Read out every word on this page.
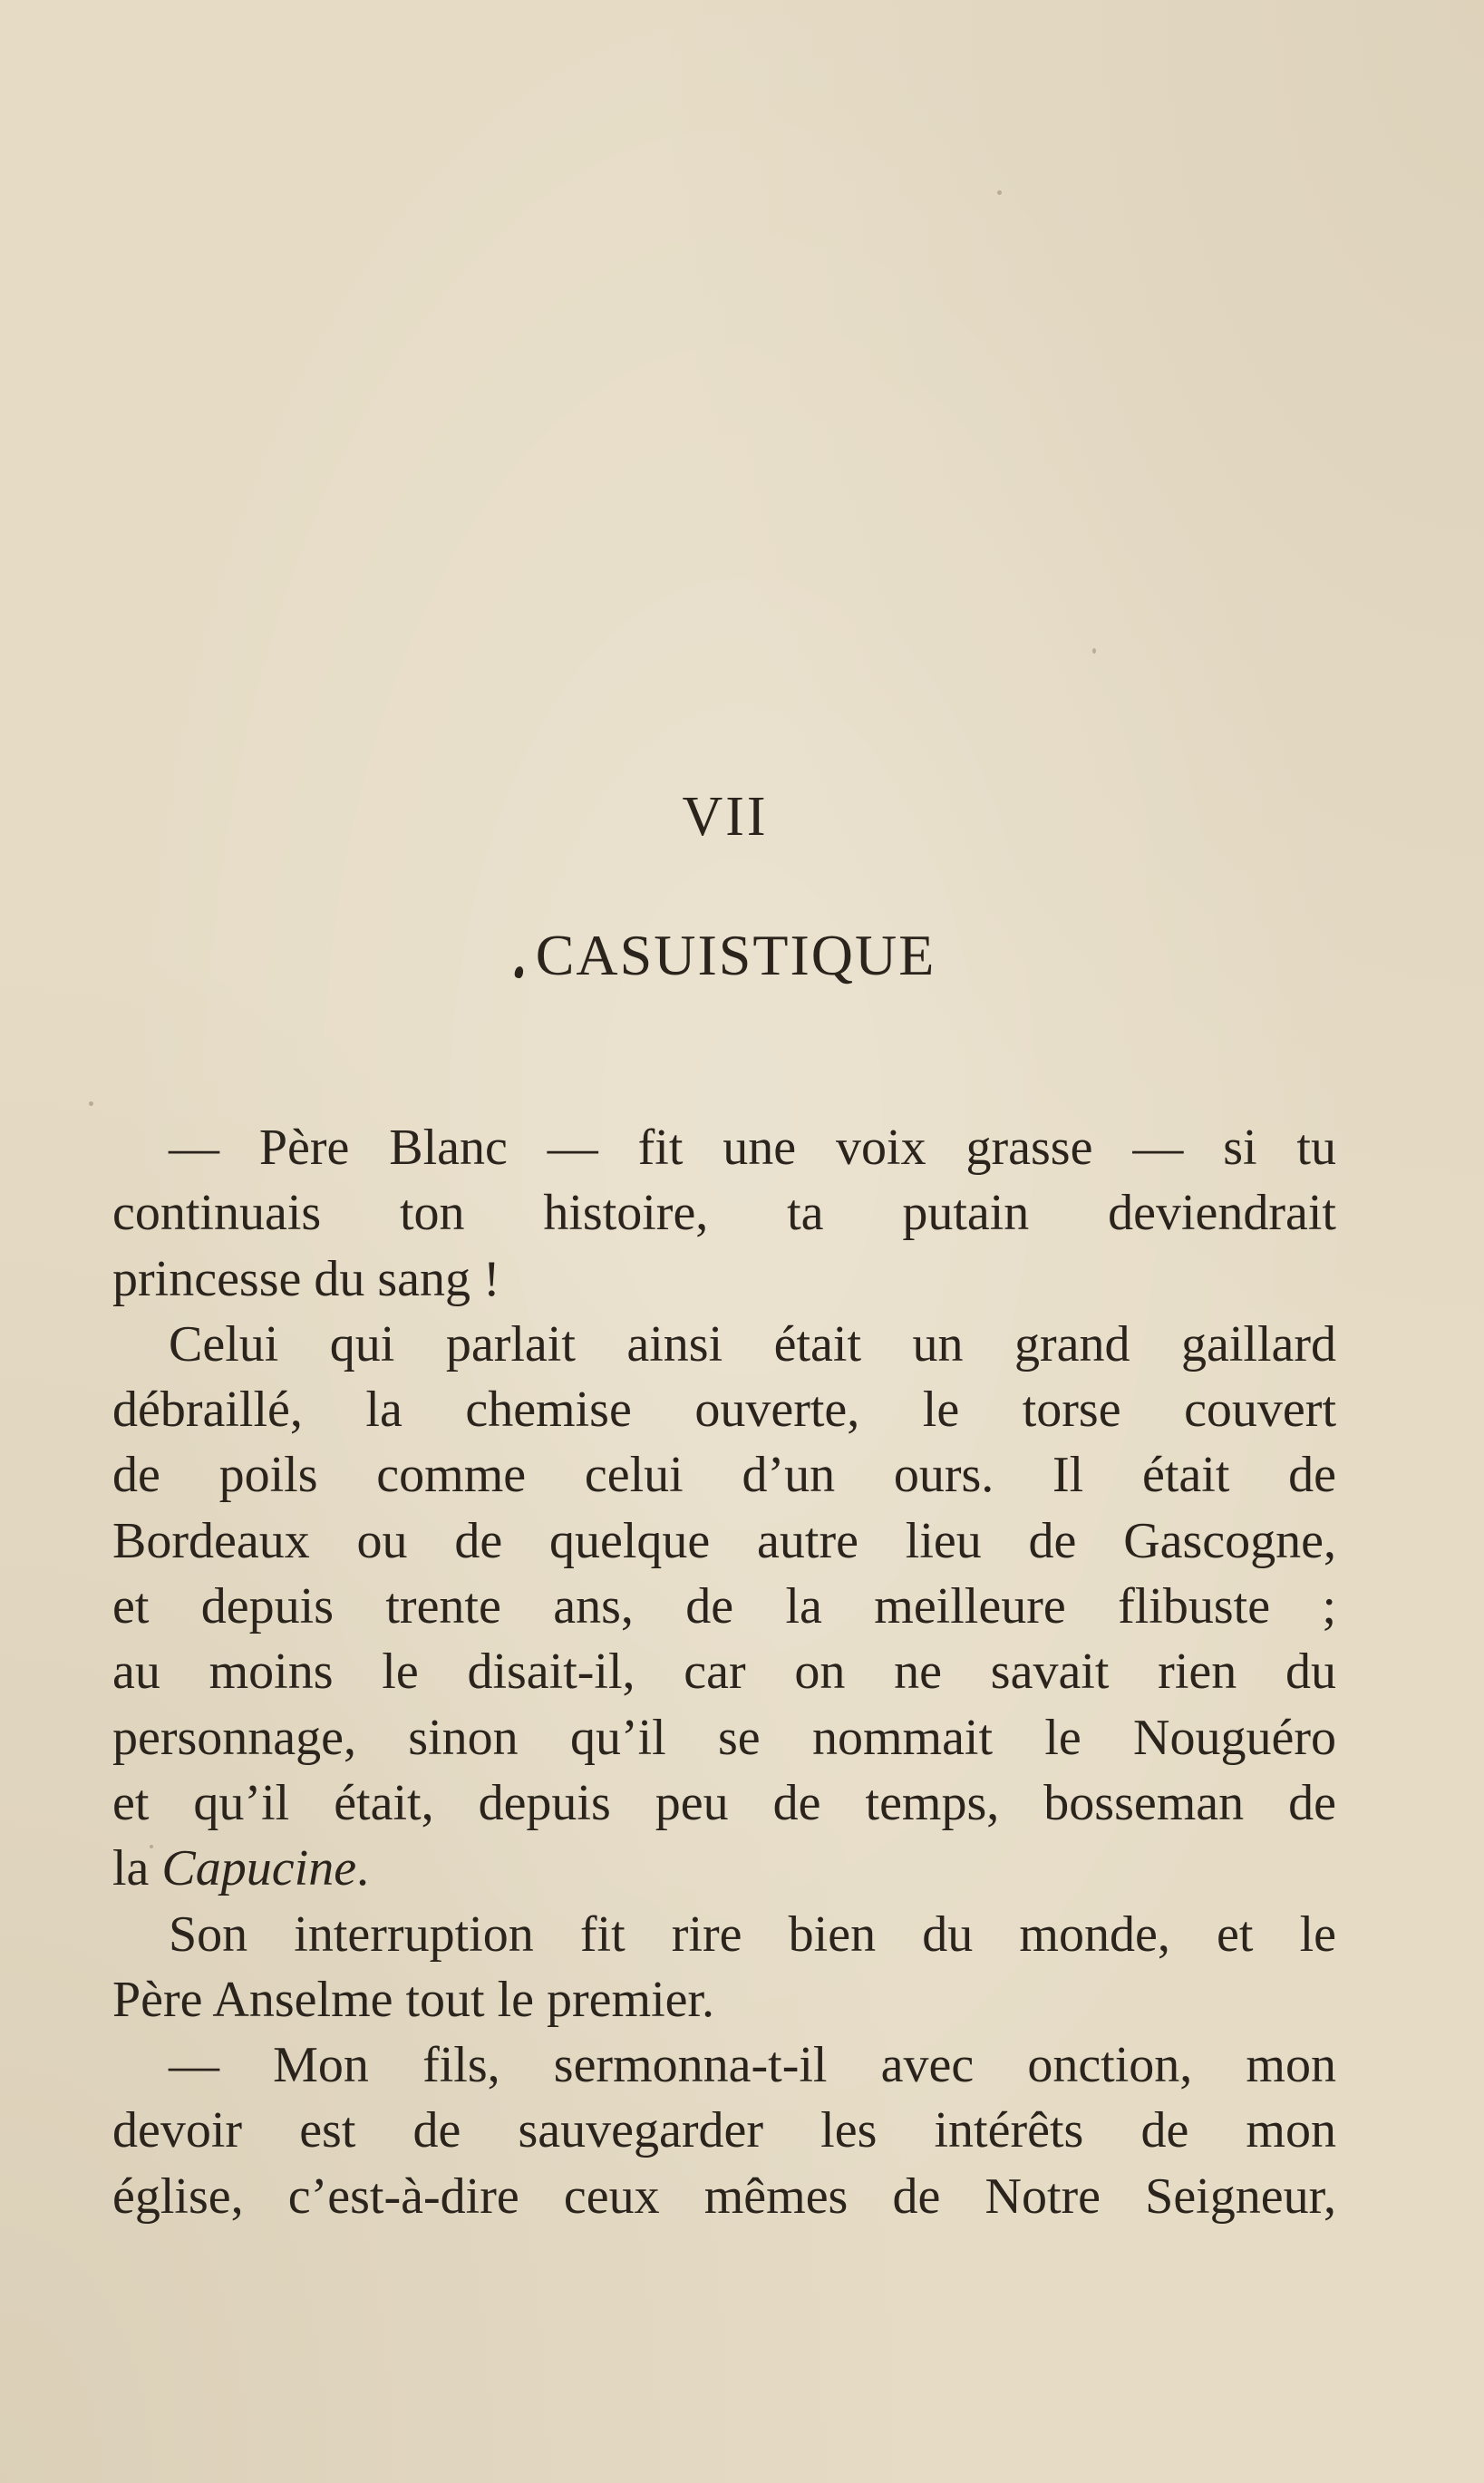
VII
CASUISTIQUE
— Père Blanc — fit une voix grasse — si tu
continuais ton histoire, ta putain deviendrait
princesse du sang !
Celui qui parlait ainsi était un grand gaillard
débraillé, la chemise ouverte, le torse couvert
de poils comme celui d’un ours. Il était de
Bordeaux ou de quelque autre lieu de Gascogne,
et depuis trente ans, de la meilleure flibuste ;
au moins le disait-il, car on ne savait rien du
personnage, sinon qu’il se nommait le Nouguéro
et qu’il était, depuis peu de temps, bosseman de
la Capucine.
Son interruption fit rire bien du monde, et le
Père Anselme tout le premier.
— Mon fils, sermonna-t-il avec onction, mon
devoir est de sauvegarder les intérêts de mon
église, c’est-à-dire ceux mêmes de Notre Seigneur,
